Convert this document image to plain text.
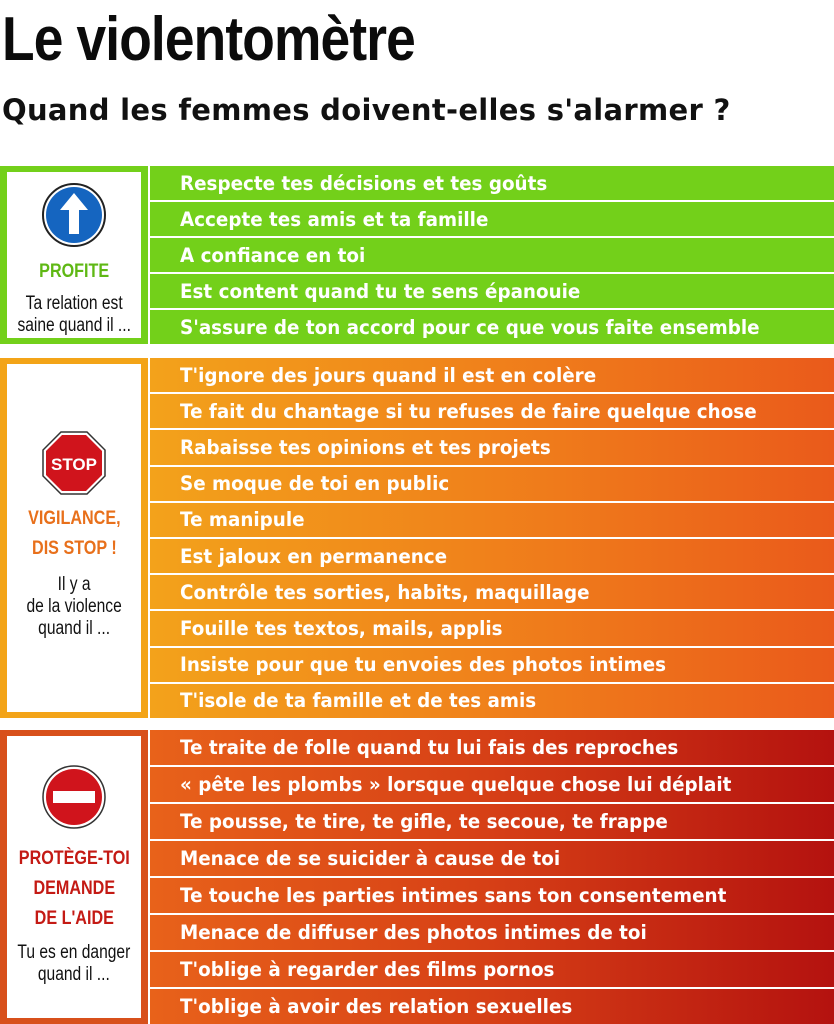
Le violentomètre
Quand les femmes doivent-elles s'alarmer ?
PROFITE
Ta relation est
saine quand il ...
Respecte tes décisions et tes goûts
Accepte tes amis et ta famille
A confiance en toi
Est content quand tu te sens épanouie
S'assure de ton accord pour ce que vous faite ensemble
STOP
VIGILANCE,
DIS STOP !
Il y a
de la violence
quand il ...
T'ignore des jours quand il est en colère
Te fait du chantage si tu refuses de faire quelque chose
Rabaisse tes opinions et tes projets
Se moque de toi en public
Te manipule
Est jaloux en permanence
Contrôle tes sorties, habits, maquillage
Fouille tes textos, mails, applis
Insiste pour que tu envoies des photos intimes
T'isole de ta famille et de tes amis
PROTÈGE-TOI
DEMANDE
DE L'AIDE
Tu es en danger
quand il ...
Te traite de folle quand tu lui fais des reproches
« pête les plombs » lorsque quelque chose lui déplait
Te pousse, te tire, te gifle, te secoue, te frappe
Menace de se suicider à cause de toi
Te touche les parties intimes sans ton consentement
Menace de diffuser des photos intimes de toi
T'oblige à regarder des films pornos
T'oblige à avoir des relation sexuelles
